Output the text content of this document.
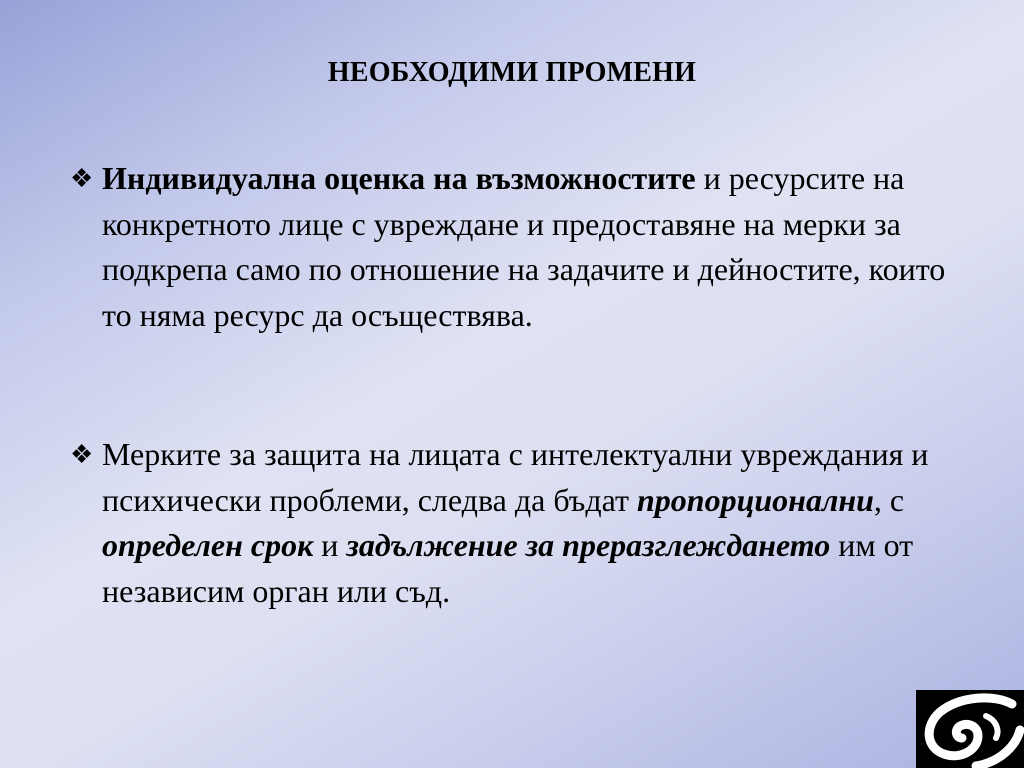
НЕОБХОДИМИ ПРОМЕНИ
❖ Индивидуална оценка на възможностите и ресурсите на конкретното лице с увреждане и предоставяне на мерки за подкрепа само по отношение на задачите и дейностите, които то няма ресурс да осъществява.
❖ Мерките за защита на лицата с интелектуални увреждания и психически проблеми, следва да бъдат пропорционални, с определен срок и задължение за преразглеждането им от независим орган или съд.
